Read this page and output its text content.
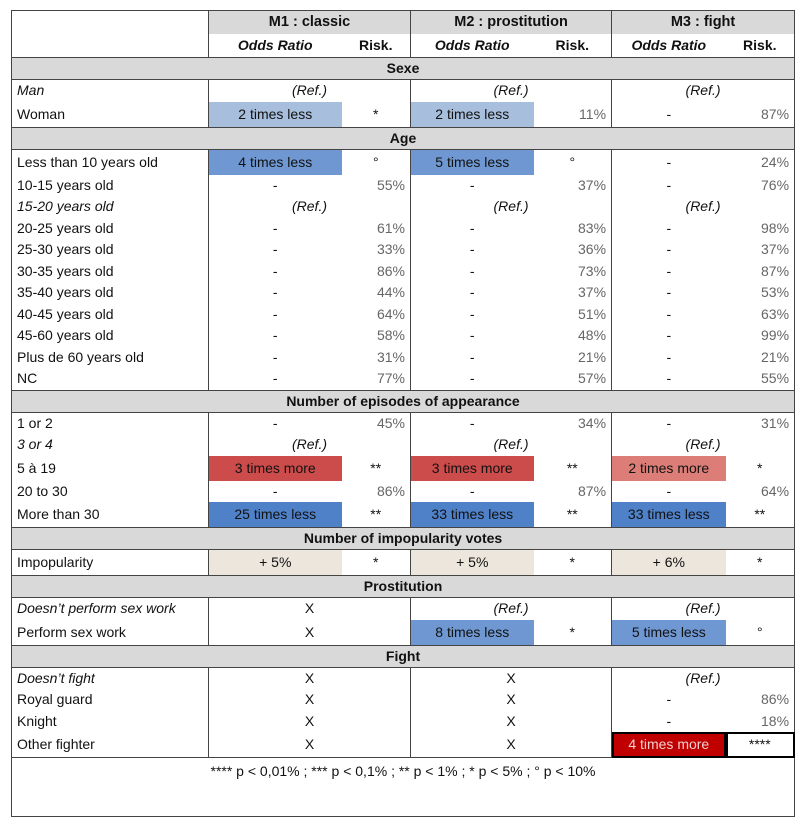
	M1 : classic		M2 : prostitution		M3 : fight	
	Odds Ratio	Risk.	Odds Ratio	Risk.	Odds Ratio	Risk.
Sexe						
Man	(Ref.)		(Ref.)		(Ref.)	
Woman	2 times less	*	2 times less	11%	-	87%
Age						
Less than 10 years old	4 times less	°	5 times less	°	-	24%
10-15 years old	-	55%	-	37%	-	76%
15-20 years old	(Ref.)		(Ref.)		(Ref.)	
20-25 years old	-	61%	-	83%	-	98%
25-30 years old	-	33%	-	36%	-	37%
30-35 years old	-	86%	-	73%	-	87%
35-40 years old	-	44%	-	37%	-	53%
40-45 years old	-	64%	-	51%	-	63%
45-60 years old	-	58%	-	48%	-	99%
Plus de 60 years old	-	31%	-	21%	-	21%
NC	-	77%	-	57%	-	55%
Number of episodes of appearance						
1 or 2	-	45%	-	34%	-	31%
3 or 4	(Ref.)		(Ref.)		(Ref.)	
5 à 19	3 times more	**	3 times more	**	2 times more	*
20 to 30	-	86%	-	87%	-	64%
More than 30	25 times less	**	33 times less	**	33 times less	**
Number of impopularity votes						
Impopularity	+ 5%	*	+ 5%	*	+ 6%	*
Prostitution						
Doesn’t perform sex work	X		(Ref.)		(Ref.)	
Perform sex work	X		8 times less	*	5 times less	°
Fight						
Doesn’t fight	X		X		(Ref.)	
Royal guard	X		X		-	86%
Knight	X		X		-	18%
Other fighter	X		X		4 times more	****
**** p < 0,01% ; *** p < 0,1% ; ** p < 1% ; * p < 5% ; ° p < 10%						
